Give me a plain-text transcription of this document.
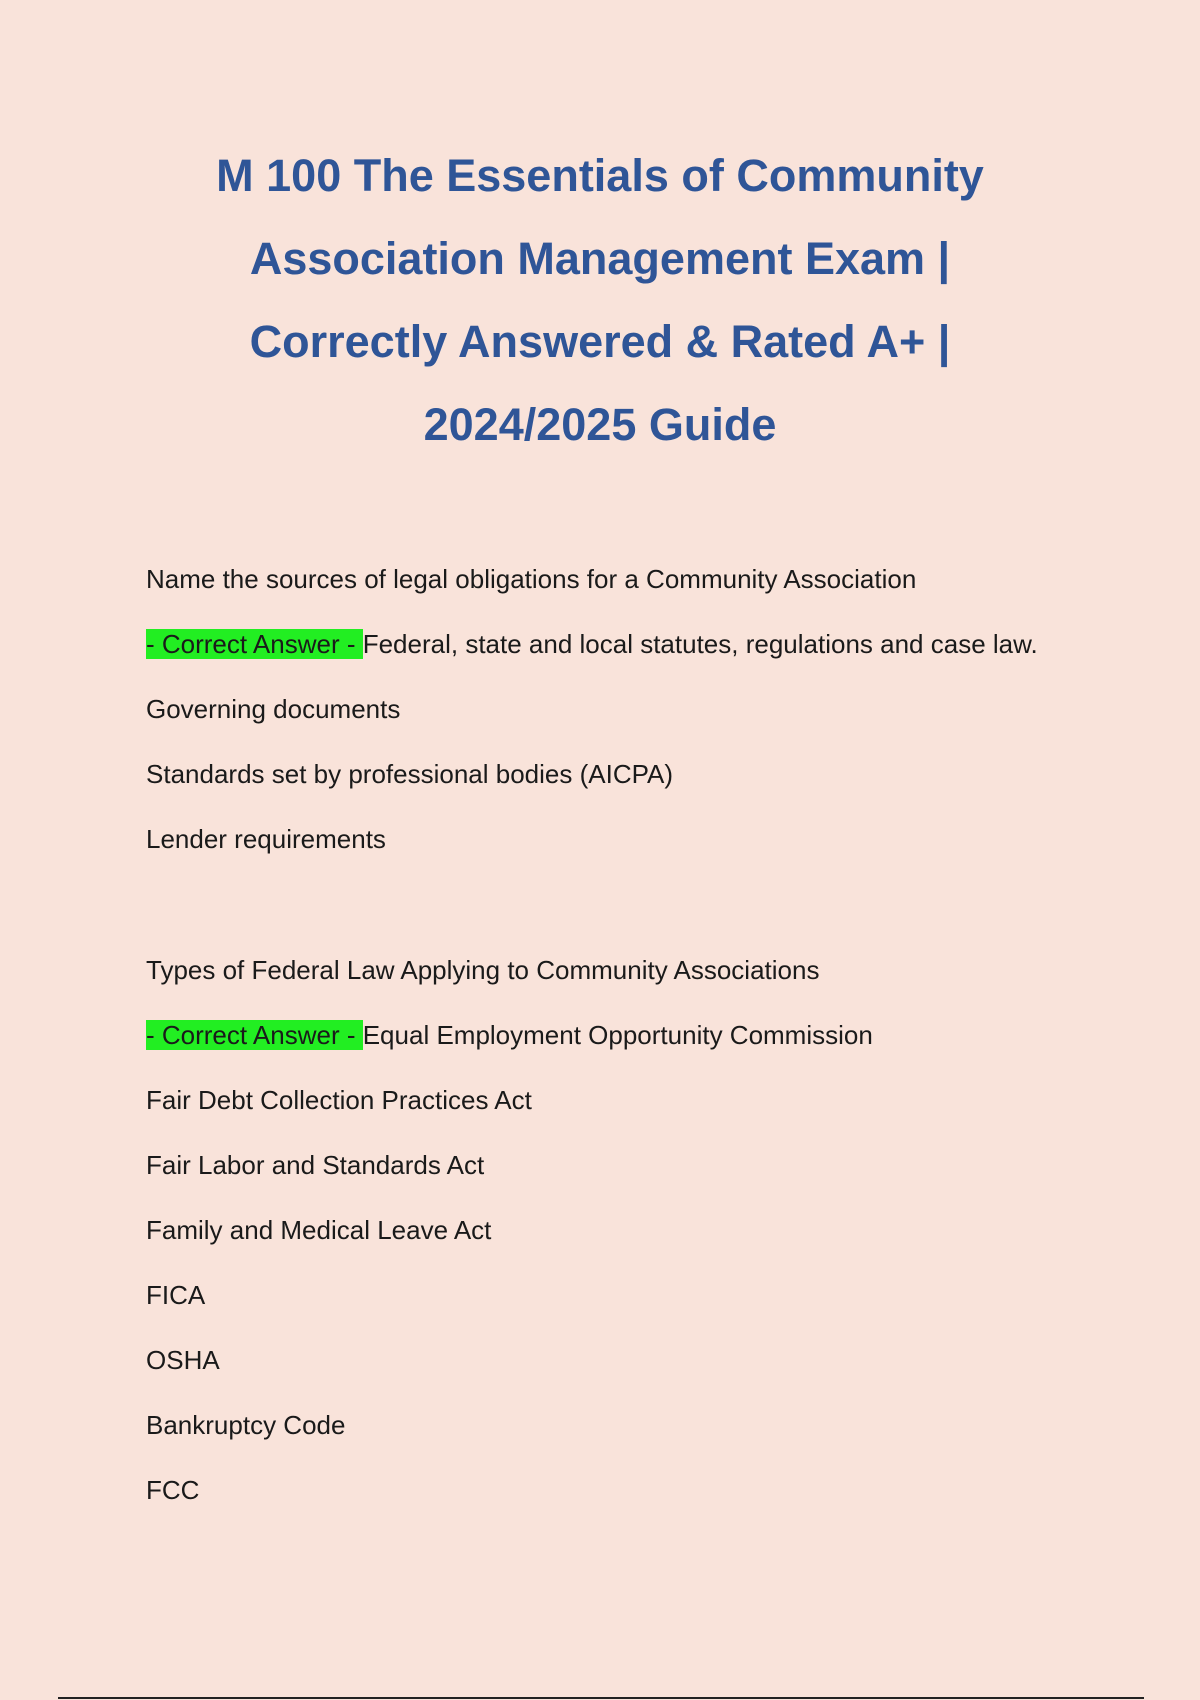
M 100 The Essentials of Community
Association Management Exam |
Correctly Answered & Rated A+ |
2024/2025 Guide
Name the sources of legal obligations for a Community Association
- Correct Answer - Federal, state and local statutes, regulations and case law.
Governing documents
Standards set by professional bodies (AICPA)
Lender requirements
Types of Federal Law Applying to Community Associations
- Correct Answer - Equal Employment Opportunity Commission
Fair Debt Collection Practices Act
Fair Labor and Standards Act
Family and Medical Leave Act
FICA
OSHA
Bankruptcy Code
FCC
